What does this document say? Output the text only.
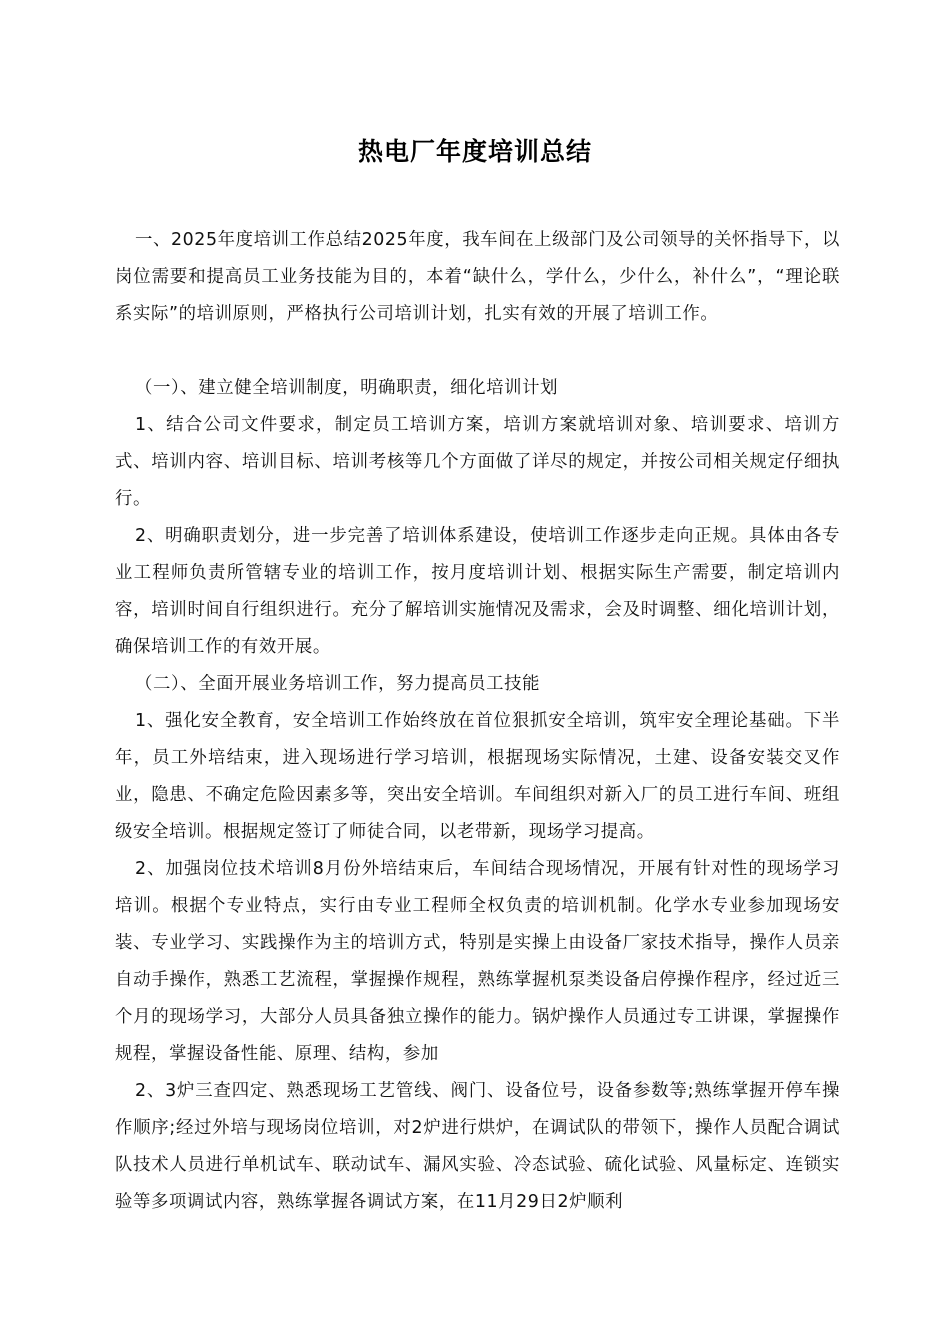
热电厂年度培训总结

一、2025年度培训工作总结2025年度，我车间在上级部门及公司领导的关怀指导下，以岗位需要和提高员工业务技能为目的，本着“缺什么，学什么，少什么，补什么”，“理论联系实际”的培训原则，严格执行公司培训计划，扎实有效的开展了培训工作。

（一）、建立健全培训制度，明确职责，细化培训计划

1、结合公司文件要求，制定员工培训方案，培训方案就培训对象、培训要求、培训方式、培训内容、培训目标、培训考核等几个方面做了详尽的规定，并按公司相关规定仔细执行。

2、明确职责划分，进一步完善了培训体系建设，使培训工作逐步走向正规。具体由各专业工程师负责所管辖专业的培训工作，按月度培训计划、根据实际生产需要，制定培训内容，培训时间自行组织进行。充分了解培训实施情况及需求，会及时调整、细化培训计划，确保培训工作的有效开展。

（二）、全面开展业务培训工作，努力提高员工技能

1、强化安全教育，安全培训工作始终放在首位狠抓安全培训，筑牢安全理论基础。下半年，员工外培结束，进入现场进行学习培训，根据现场实际情况，土建、设备安装交叉作业，隐患、不确定危险因素多等，突出安全培训。车间组织对新入厂的员工进行车间、班组级安全培训。根据规定签订了师徒合同，以老带新，现场学习提高。

2、加强岗位技术培训8月份外培结束后，车间结合现场情况，开展有针对性的现场学习培训。根据个专业特点，实行由专业工程师全权负责的培训机制。化学水专业参加现场安装、专业学习、实践操作为主的培训方式，特别是实操上由设备厂家技术指导，操作人员亲自动手操作，熟悉工艺流程，掌握操作规程，熟练掌握机泵类设备启停操作程序，经过近三个月的现场学习，大部分人员具备独立操作的能力。锅炉操作人员通过专工讲课，掌握操作规程，掌握设备性能、原理、结构，参加

2、3炉三查四定、熟悉现场工艺管线、阀门、设备位号，设备参数等;熟练掌握开停车操作顺序;经过外培与现场岗位培训，对2炉进行烘炉，在调试队的带领下，操作人员配合调试队技术人员进行单机试车、联动试车、漏风实验、冷态试验、硫化试验、风量标定、连锁实验等多项调试内容，熟练掌握各调试方案，在11月29日2炉顺利
